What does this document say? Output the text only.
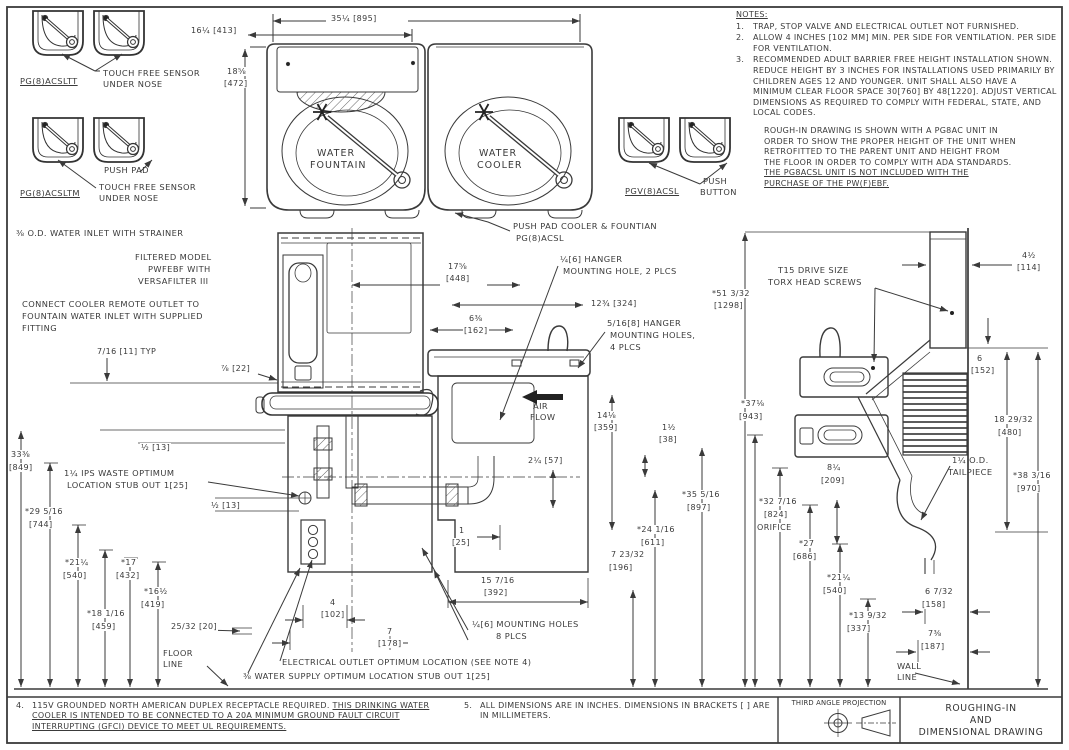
PG(8)ACSLTT
TOUCH FREE SENSOR
UNDER NOSE
PUSH PAD
TOUCH FREE SENSOR
UNDER NOSE
PG(8)ACSLTM	PGV(8)ACSL
PUSH
BUTTON
35¼ [895]
16¼ [413]
18⅝
[472]
WATER
FOUNTAIN
WATER
COOLER
⅜ O.D. WATER INLET WITH STRAINER
FILTERED MODEL
PWFEBF WITH
VERSAFILTER III
CONNECT COOLER REMOTE OUTLET TO
FOUNTAIN WATER INLET WITH SUPPLIED
FITTING
7/16 [11] TYP
⅞ [22]
PUSH PAD COOLER & FOUNTIAN
PG(8)ACSL
17⅝
[448]
¼[6] HANGER
MOUNTING HOLE, 2 PLCS
12¾ [324]
6⅜
[162]
5/16[8] HANGER
MOUNTING HOLES,
4 PLCS
T15 DRIVE SIZE
TORX HEAD SCREWS
4½
[114]
*51 3/32
[1298]
AIR
FLOW	14⅛
[359]	1½
[38]
2¼ [57]
*35 5/16
[897]
*24 1/16
[611]
7 23/32
[196]
33⅜
[849]
½ [13]
1¼ IPS WASTE OPTIMUM
LOCATION STUB OUT 1[25]
½ [13]
*29 5/16
[744]
*21¼
[540]
*17
[432]
*16½
[419]
*18 1/16
[459]	25/32 [20]
FLOOR
LINE
1
[25]
15 7/16
[392]
4
[102]
7
[178]
¼[6] MOUNTING HOLES
8 PLCS
ELECTRICAL OUTLET OPTIMUM LOCATION (SEE NOTE 4)
⅜ WATER SUPPLY OPTIMUM LOCATION STUB OUT 1[25]
*37⅛
[943]
6
[152]
18 29/32
[480]
*38 3/16
[970]
8¼
[209]
*32 7/16
[824]
ORIFICE
*27
[686]
*21¼
[540]
1¼ O.D.
TAILPIECE
*13 9/32
[337]
6 7/32
[158]
7⅜
[187]
WALL
LINE
NOTES:
1. TRAP, STOP VALVE AND ELECTRICAL OUTLET NOT FURNISHED.
2. ALLOW 4 INCHES [102 MM] MIN. PER SIDE FOR VENTILATION. PER SIDE FOR VENTILATION.
3. RECOMMENDED ADULT BARRIER FREE HEIGHT INSTALLATION SHOWN. REDUCE HEIGHT BY 3 INCHES FOR INSTALLATIONS USED PRIMARILY BY CHILDREN AGES 12 AND YOUNGER. UNIT SHALL ALSO HAVE A MINIMUM CLEAR FLOOR SPACE 30[760] BY 48[1220]. ADJUST VERTICAL DIMENSIONS AS REQUIRED TO COMPLY WITH FEDERAL, STATE, AND LOCAL CODES.
ROUGH-IN DRAWING IS SHOWN WITH A PG8AC UNIT IN ORDER TO SHOW THE PROPER HEIGHT OF THE UNIT WHEN RETROFITTED TO THE PARENT UNIT AND HEIGHT FROM THE FLOOR IN ORDER TO COMPLY WITH ADA STANDARDS. THE PG8ACSL UNIT IS NOT INCLUDED WITH THE PURCHASE OF THE PW(F)EBF.
4. 115V GROUNDED NORTH AMERICAN DUPLEX RECEPTACLE REQUIRED. THIS DRINKING WATER COOLER IS INTENDED TO BE CONNECTED TO A 20A MINIMUM GROUND FAULT CIRCUIT INTERRUPTING (GFCI) DEVICE TO MEET UL REQUIREMENTS.
5. ALL DIMENSIONS ARE IN INCHES. DIMENSIONS IN BRACKETS [ ] ARE IN MILLIMETERS.
THIRD ANGLE PROJECTION	ROUGHING-IN
AND
DIMENSIONAL DRAWING
